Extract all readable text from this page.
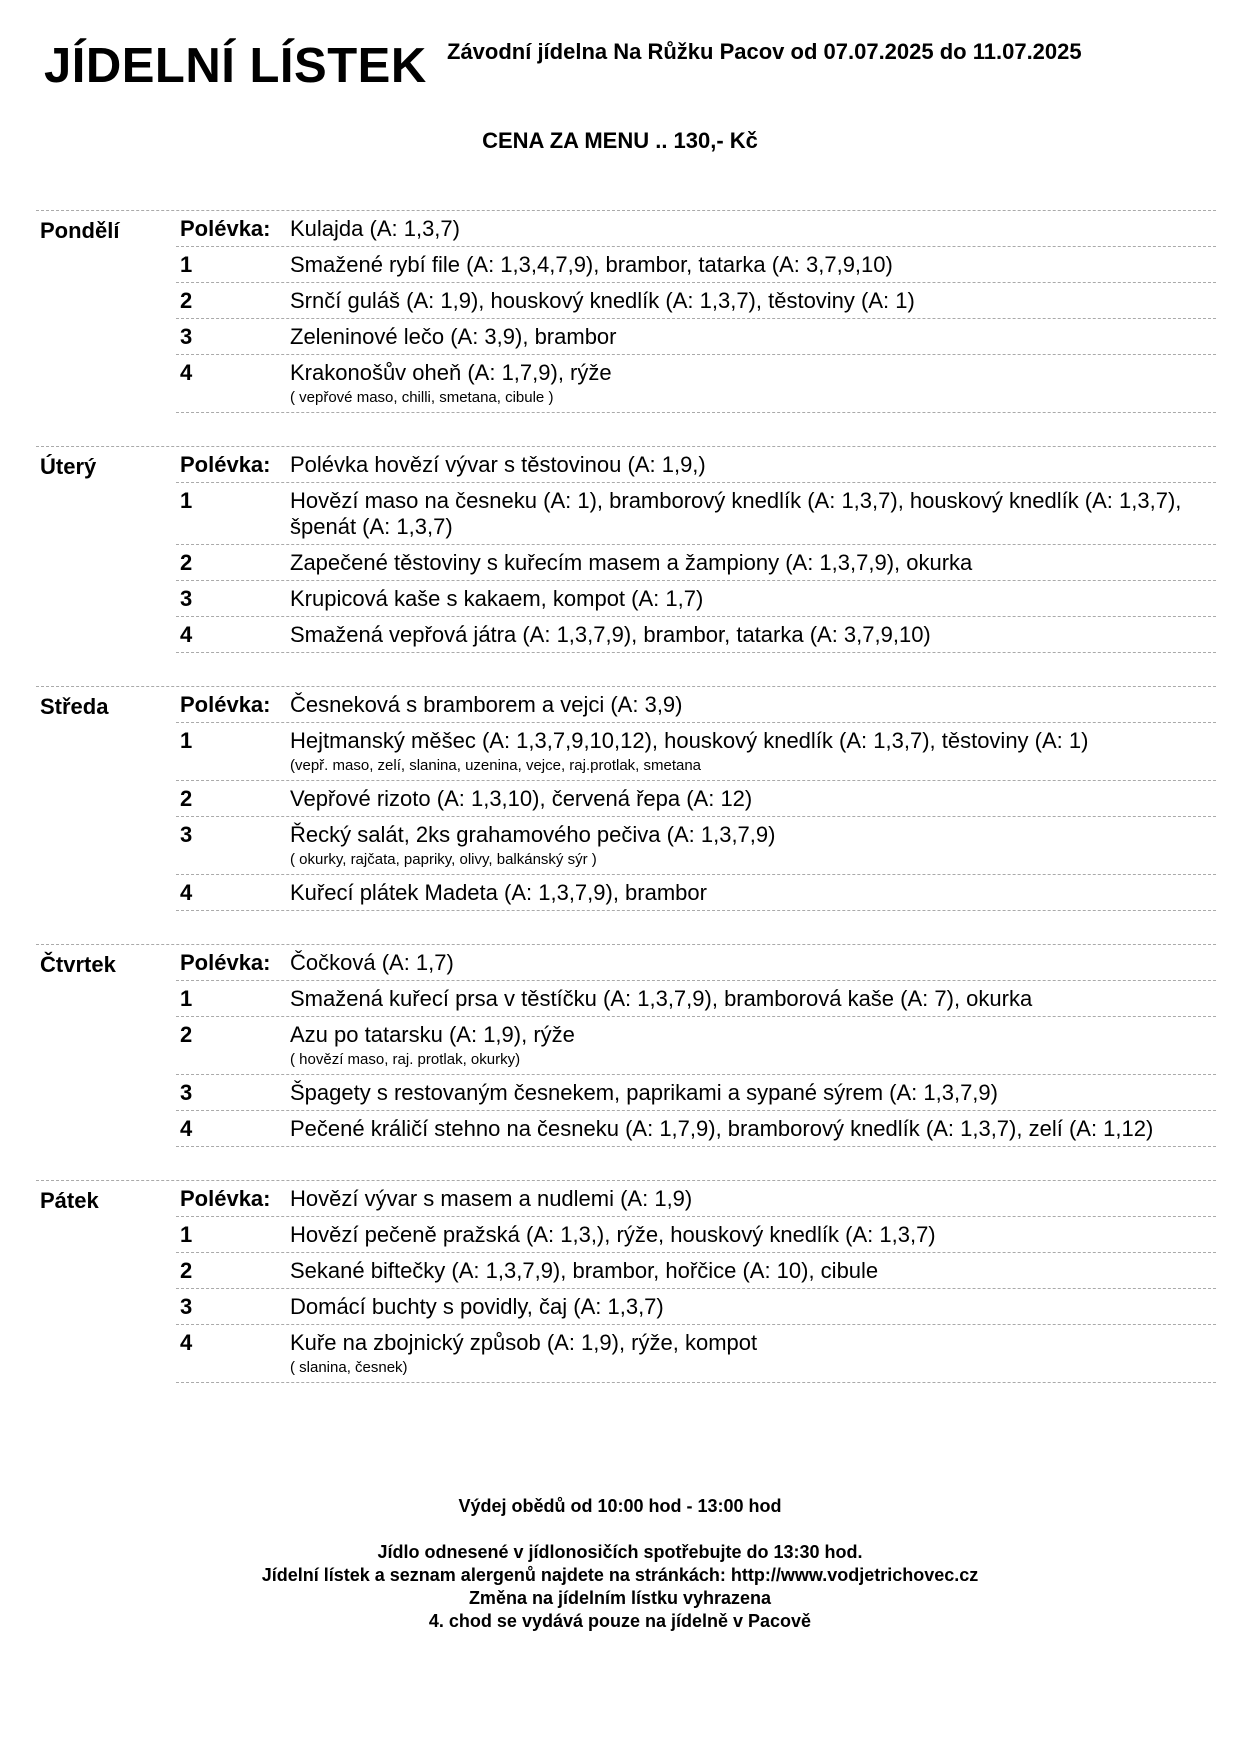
JÍDELNÍ LÍSTEK Závodní jídelna Na Růžku Pacov od 07.07.2025 do 11.07.2025
CENA ZA MENU .. 130,- Kč
Pondělí	Polévka: Kulajda (A: 1,3,7)
1	Smažené rybí file (A: 1,3,4,7,9), brambor, tatarka (A: 3,7,9,10)
2	Srnčí guláš (A: 1,9), houskový knedlík (A: 1,3,7), těstoviny (A: 1)
3	Zeleninové lečo (A: 3,9), brambor
4	Krakonošův oheň (A: 1,7,9), rýže
( vepřové maso, chilli, smetana, cibule )
Úterý	Polévka: Polévka hovězí vývar s těstovinou (A: 1,9,)
1	Hovězí maso na česneku (A: 1), bramborový knedlík (A: 1,3,7), houskový knedlík (A: 1,3,7), špenát (A: 1,3,7)
2	Zapečené těstoviny s kuřecím masem a žampiony (A: 1,3,7,9), okurka
3	Krupicová kaše s kakaem, kompot (A: 1,7)
4	Smažená vepřová játra (A: 1,3,7,9), brambor, tatarka (A: 3,7,9,10)
Středa	Polévka: Česneková s bramborem a vejci (A: 3,9)
1	Hejtmanský měšec (A: 1,3,7,9,10,12), houskový knedlík (A: 1,3,7), těstoviny (A: 1)
(vepř. maso, zelí, slanina, uzenina, vejce, raj.protlak, smetana
2	Vepřové rizoto (A: 1,3,10), červená řepa (A: 12)
3	Řecký salát, 2ks grahamového pečiva (A: 1,3,7,9)
( okurky, rajčata, papriky, olivy, balkánský sýr )
4	Kuřecí plátek Madeta (A: 1,3,7,9), brambor
Čtvrtek	Polévka: Čočková (A: 1,7)
1	Smažená kuřecí prsa v těstíčku (A: 1,3,7,9), bramborová kaše (A: 7), okurka
2	Azu po tatarsku (A: 1,9), rýže
( hovězí maso, raj. protlak, okurky)
3	Špagety s restovaným česnekem, paprikami a sypané sýrem (A: 1,3,7,9)
4	Pečené králičí stehno na česneku (A: 1,7,9), bramborový knedlík (A: 1,3,7), zelí (A: 1,12)
Pátek	Polévka: Hovězí vývar s masem a nudlemi (A: 1,9)
1	Hovězí pečeně pražská (A: 1,3,), rýže, houskový knedlík (A: 1,3,7)
2	Sekané biftečky (A: 1,3,7,9), brambor, hořčice (A: 10), cibule
3	Domácí buchty s povidly, čaj (A: 1,3,7)
4	Kuře na zbojnický způsob (A: 1,9), rýže, kompot
( slanina, česnek)
Výdej obědů od 10:00 hod - 13:00 hod
Jídlo odnesené v jídlonosičích spotřebujte do 13:30 hod.
Jídelní lístek a seznam alergenů najdete na stránkách: http://www.vodjetrichovec.cz
Změna na jídelním lístku vyhrazena
4. chod se vydává pouze na jídelně v Pacově
